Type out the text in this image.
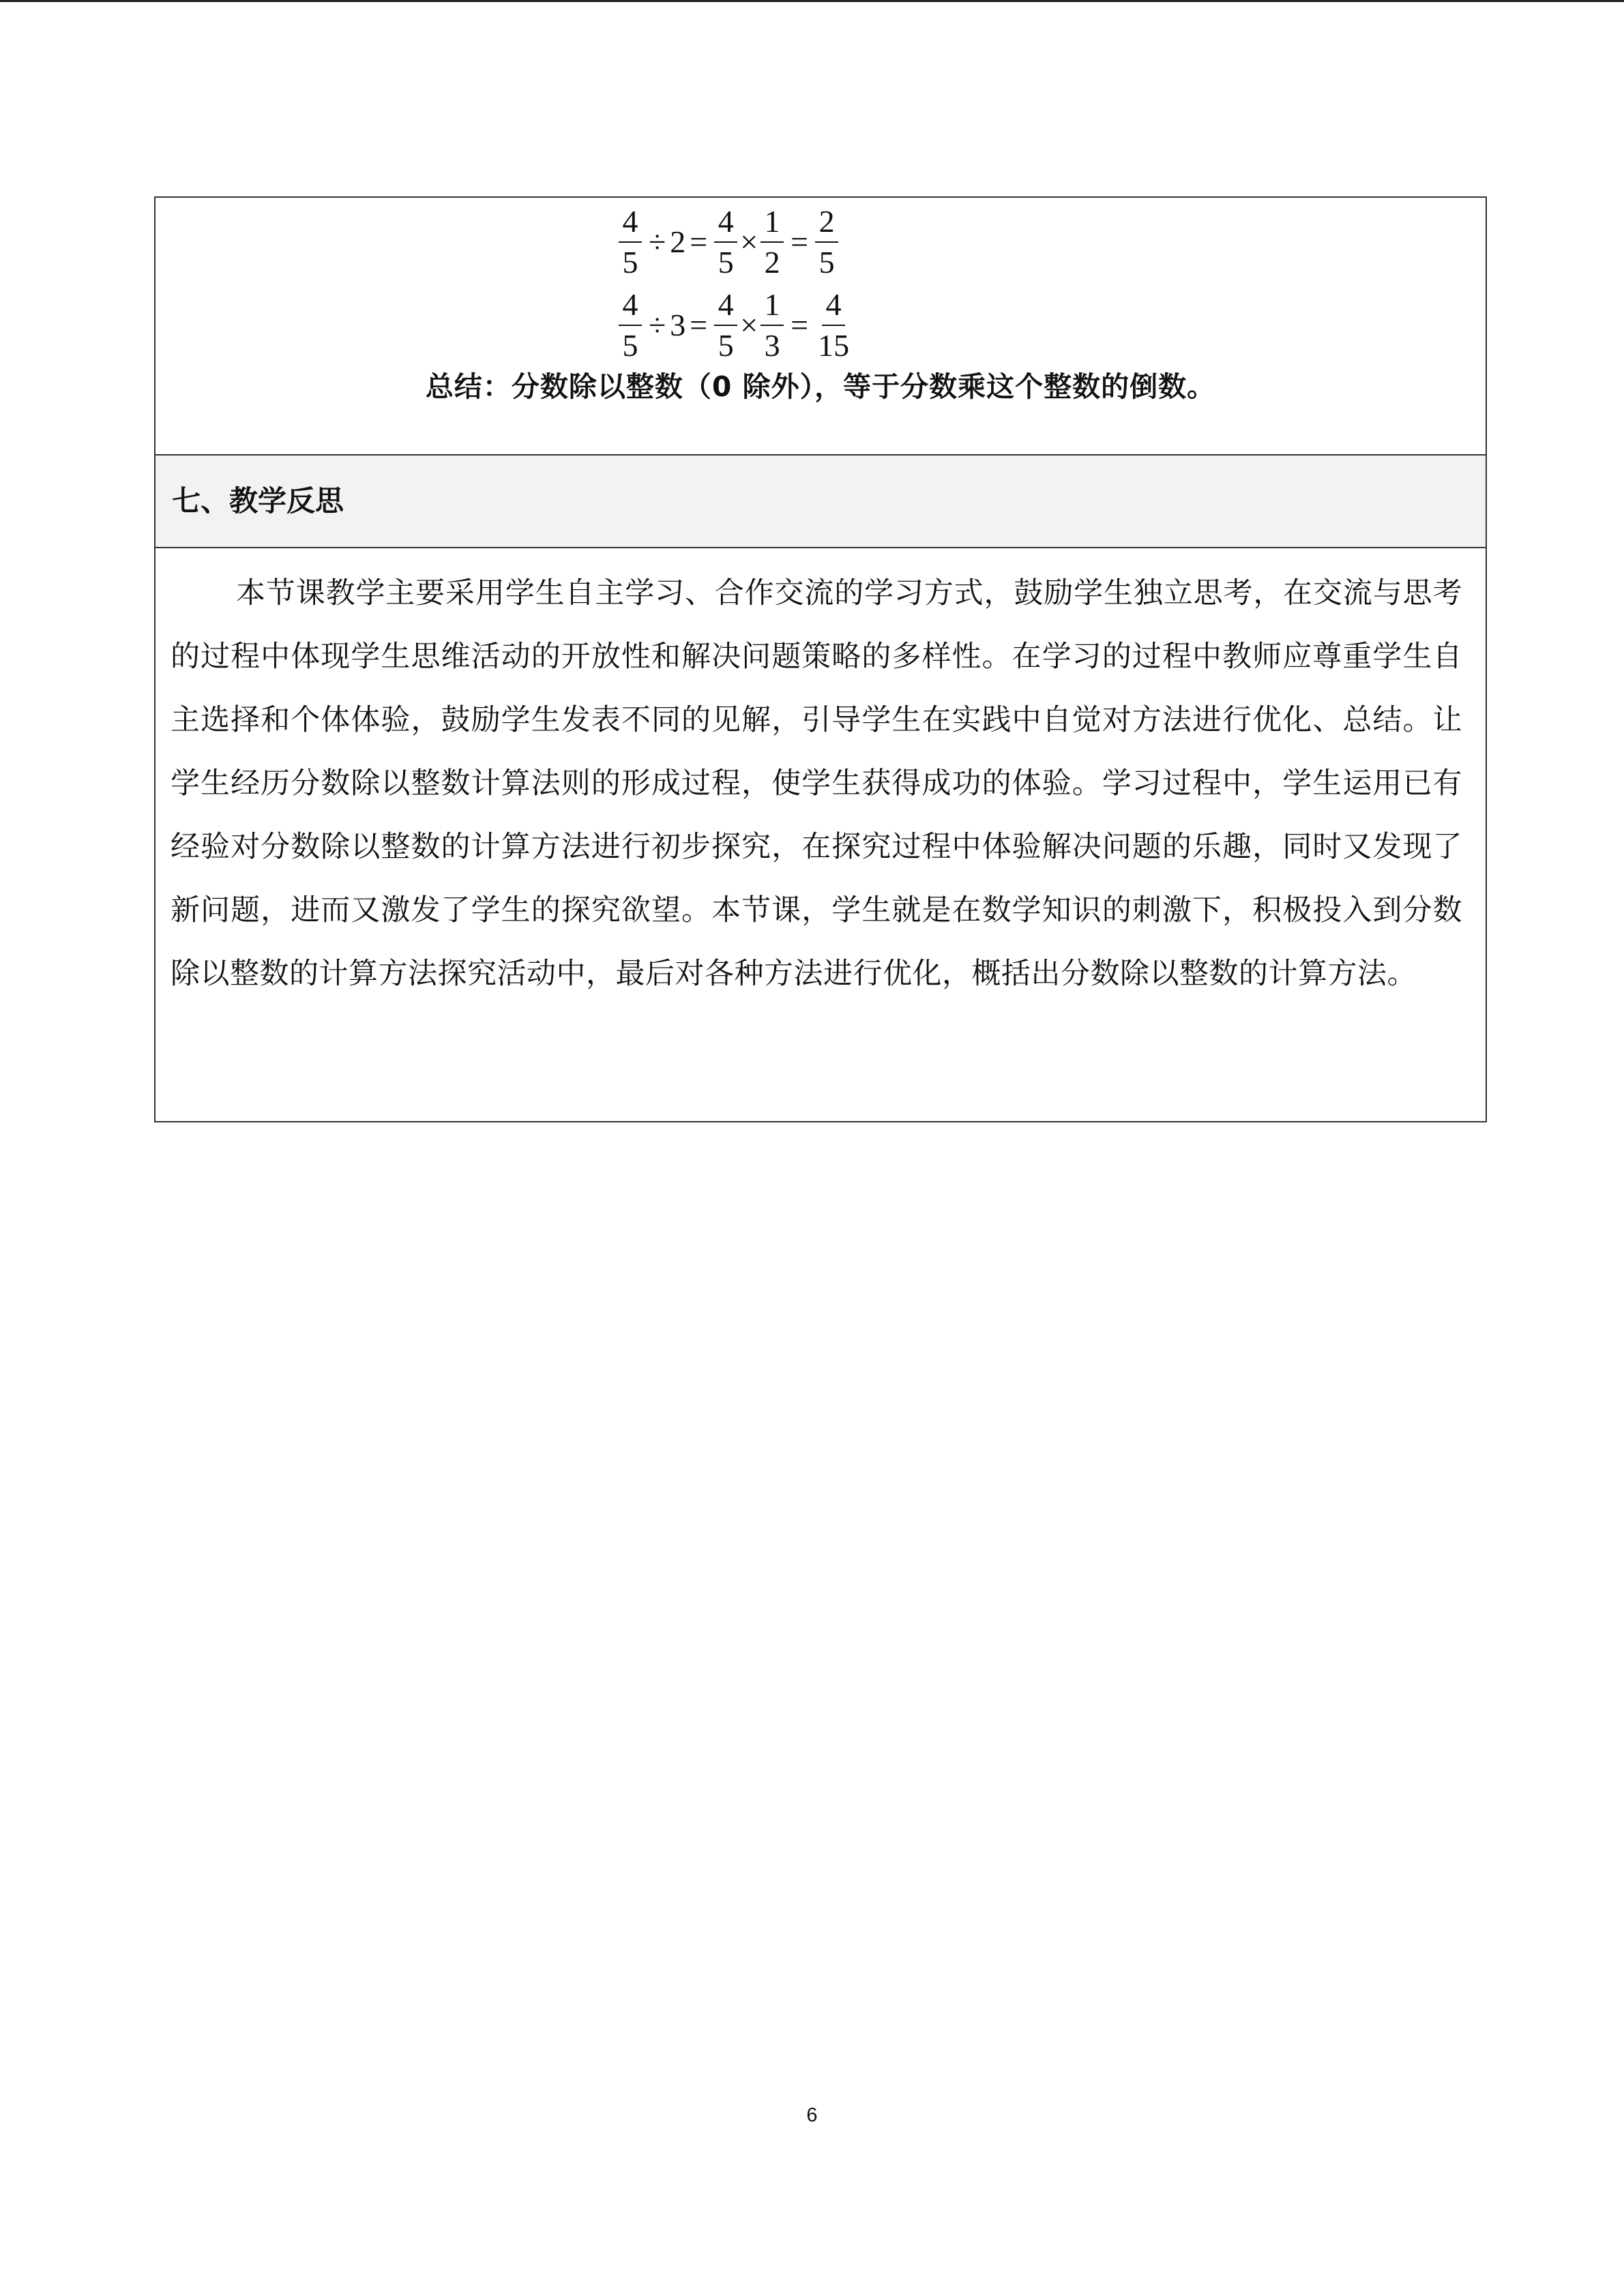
$\frac{4}{5} \div 2 = \frac{4}{5} \times \frac{1}{2} = \frac{2}{5}$
$\frac{4}{5} \div 3 = \frac{4}{5} \times \frac{1}{3} = \frac{4}{15}$
总结：分数除以整数（0 除外），等于分数乘这个整数的倒数。
七、教学反思

本节课教学主要采用学生自主学习、合作交流的学习方式，鼓励学生独立思考，在交流与思考的过程中体现学生思维活动的开放性和解决问题策略的多样性。在学习的过程中教师应尊重学生自主选择和个体体验，鼓励学生发表不同的见解，引导学生在实践中自觉对方法进行优化、总结。让学生经历分数除以整数计算法则的形成过程，使学生获得成功的体验。学习过程中，学生运用已有经验对分数除以整数的计算方法进行初步探究，在探究过程中体验解决问题的乐趣，同时又发现了新问题，进而又激发了学生的探究欲望。本节课，学生就是在数学知识的刺激下，积极投入到分数除以整数的计算方法探究活动中，最后对各种方法进行优化，概括出分数除以整数的计算方法。

6
